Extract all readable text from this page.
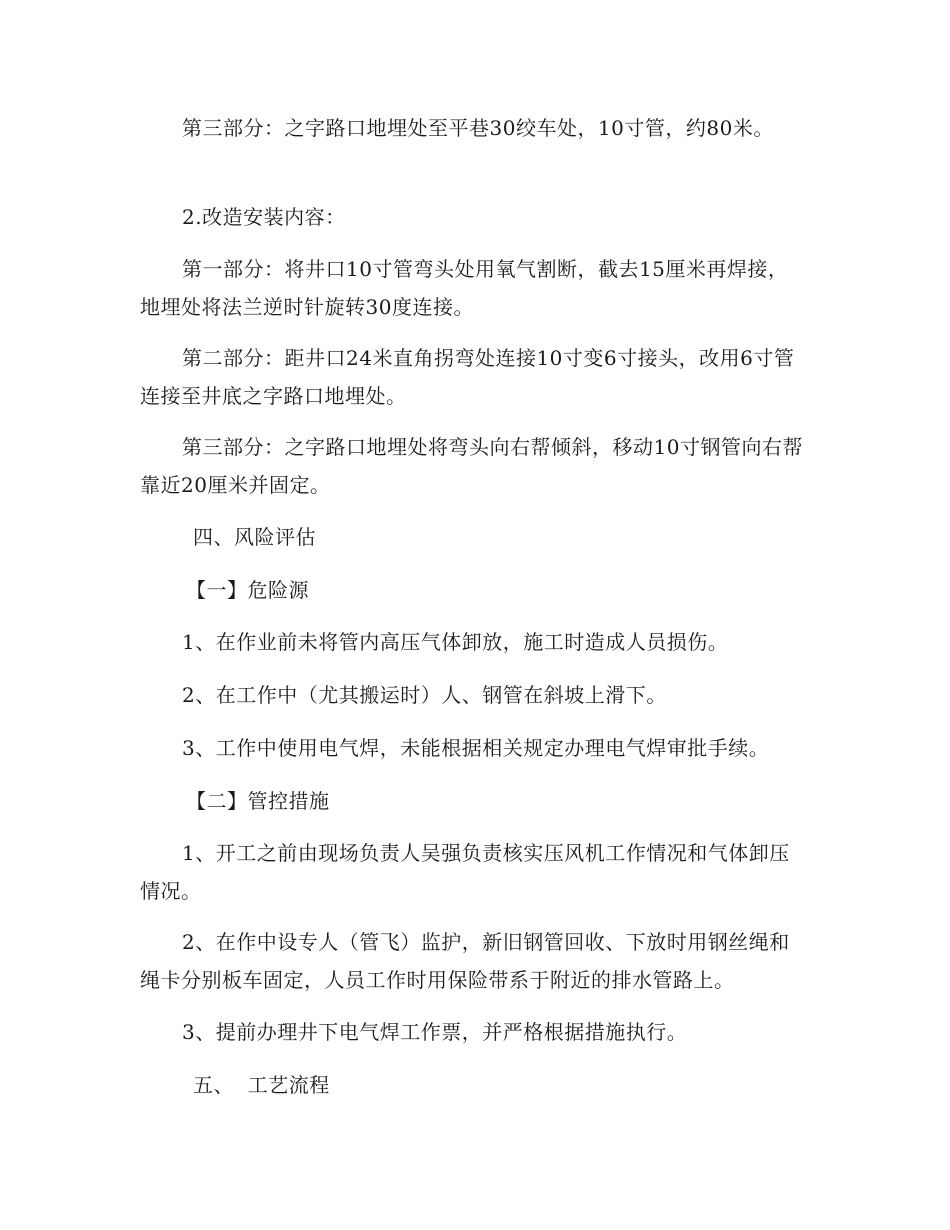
第三部分：之字路口地埋处至平巷30绞车处，10寸管，约80米。

2.改造安装内容：

第一部分：将井口10寸管弯头处用氧气割断，截去15厘米再焊接，地埋处将法兰逆时针旋转30度连接。

第二部分：距井口24米直角拐弯处连接10寸变6寸接头，改用6寸管连接至井底之字路口地埋处。

第三部分：之字路口地埋处将弯头向右帮倾斜，移动10寸钢管向右帮靠近20厘米并固定。

四、风险评估

【一】危险源

1、在作业前未将管内高压气体卸放，施工时造成人员损伤。

2、在工作中（尤其搬运时）人、钢管在斜坡上滑下。

3、工作中使用电气焊，未能根据相关规定办理电气焊审批手续。

【二】管控措施

1、开工之前由现场负责人吴强负责核实压风机工作情况和气体卸压情况。

2、在作中设专人（管飞）监护，新旧钢管回收、下放时用钢丝绳和绳卡分别板车固定，人员工作时用保险带系于附近的排水管路上。

3、提前办理井下电气焊工作票，并严格根据措施执行。

五、  工艺流程
